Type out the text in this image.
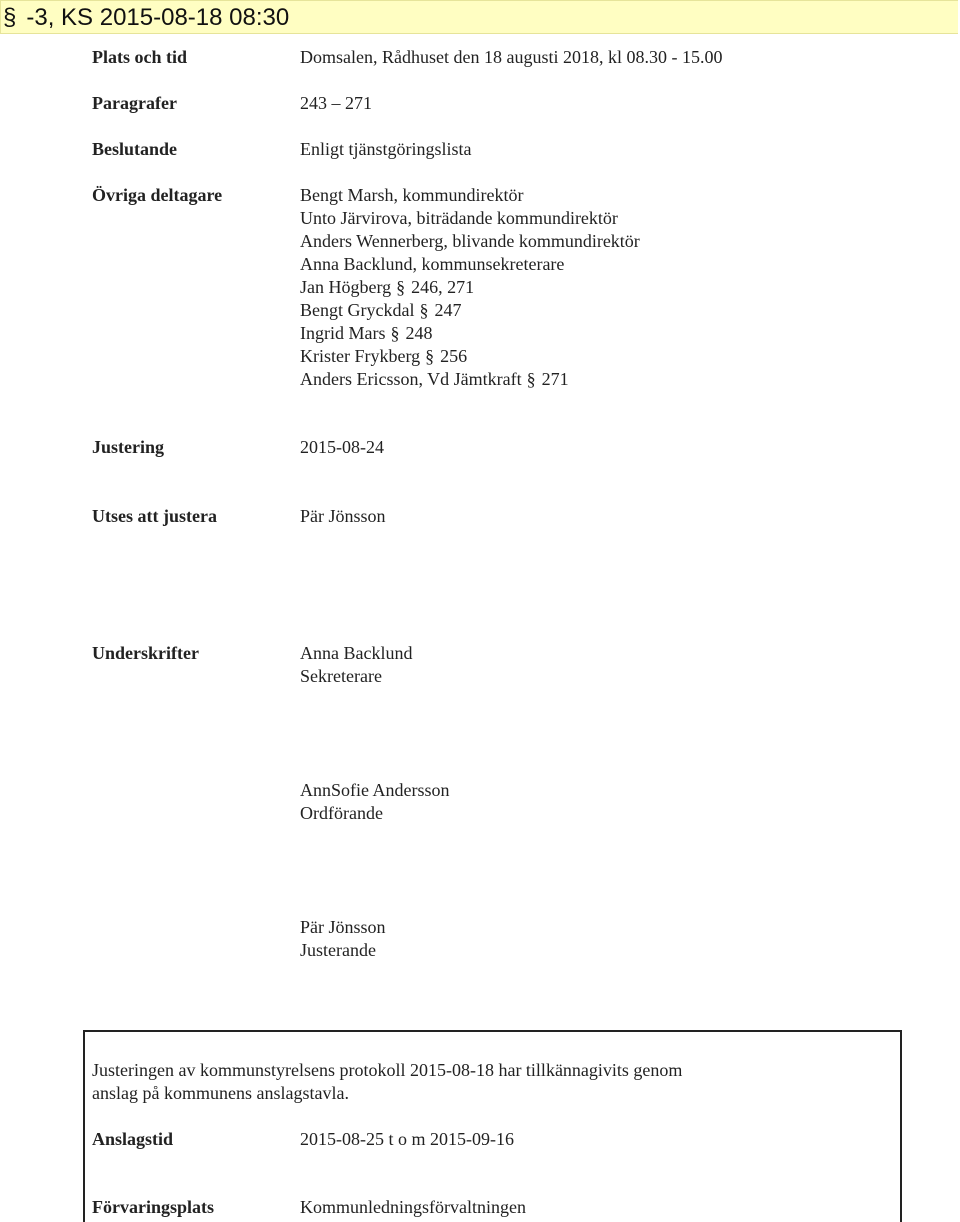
§ -3, KS 2015-08-18 08:30
Plats och tid	Domsalen, Rådhuset den 18 augusti 2018, kl 08.30 - 15.00
Paragrafer	243 – 271
Beslutande	Enligt tjänstgöringslista
Övriga deltagare	Bengt Marsh, kommundirektör
Unto Järvirova, biträdande kommundirektör
Anders Wennerberg, blivande kommundirektör
Anna Backlund, kommunsekreterare
Jan Högberg § 246, 271
Bengt Gryckdal § 247
Ingrid Mars § 248
Krister Frykberg § 256
Anders Ericsson, Vd Jämtkraft § 271
Justering	2015-08-24
Utses att justera	Pär Jönsson
Underskrifter	Anna Backlund
Sekreterare
AnnSofie Andersson
Ordförande
Pär Jönsson
Justerande
Justeringen av kommunstyrelsens protokoll 2015-08-18 har tillkännagivits genom
anslag på kommunens anslagstavla.
Anslagstid	2015-08-25 t o m 2015-09-16
Förvaringsplats	Kommunledningsförvaltningen
